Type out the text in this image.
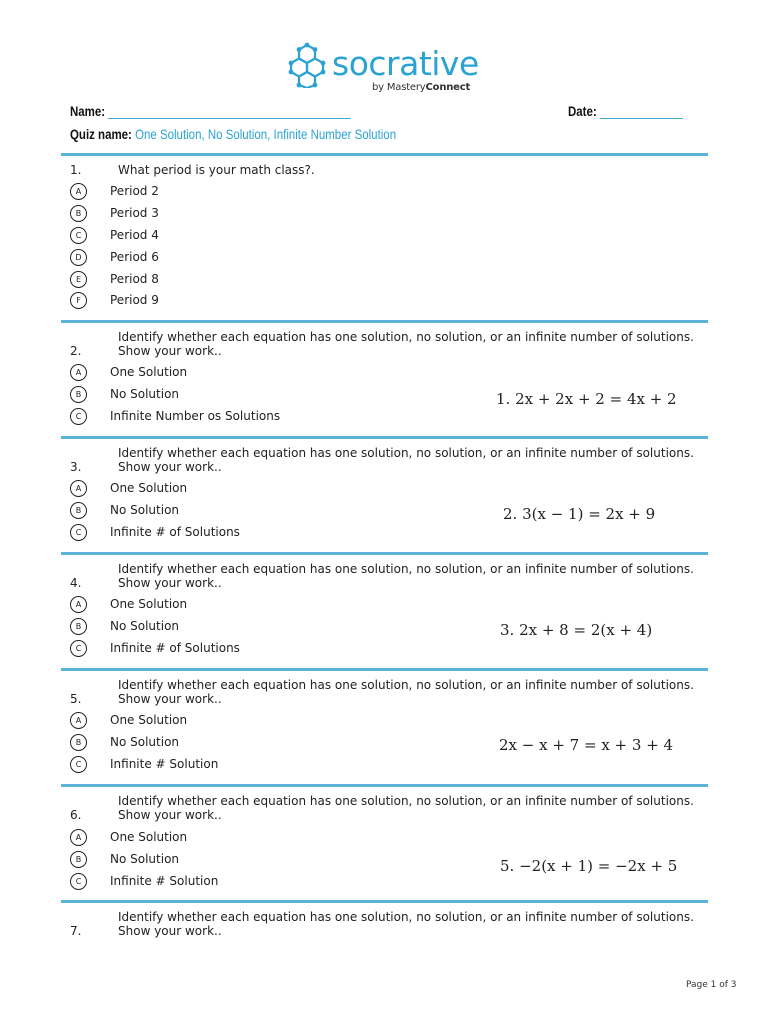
socrative
by MasteryConnect
Name: ______________________________________	Date: _____________
Quiz name: One Solution, No Solution, Infinite Number Solution
1.	What period is your math class?.
A	Period 2
B	Period 3
C	Period 4
D	Period 6
E	Period 8
F	Period 9
Identify whether each equation has one solution, no solution, or an infinite number of solutions.
2.	Show your work..
A	One Solution
B	No Solution
C	Infinite Number os Solutions
1. 2x + 2x + 2 = 4x + 2
Identify whether each equation has one solution, no solution, or an infinite number of solutions.
3.	Show your work..
A	One Solution
B	No Solution
C	Infinite # of Solutions
2. 3(x − 1) = 2x + 9
Identify whether each equation has one solution, no solution, or an infinite number of solutions.
4.	Show your work..
A	One Solution
B	No Solution
C	Infinite # of Solutions
3. 2x + 8 = 2(x + 4)
Identify whether each equation has one solution, no solution, or an infinite number of solutions.
5.	Show your work..
A	One Solution
B	No Solution
C	Infinite # Solution
2x − x + 7 = x + 3 + 4
Identify whether each equation has one solution, no solution, or an infinite number of solutions.
6.	Show your work..
A	One Solution
B	No Solution
C	Infinite # Solution
5. −2(x + 1) = −2x + 5
Identify whether each equation has one solution, no solution, or an infinite number of solutions.
7.	Show your work..
Page 1 of 3
